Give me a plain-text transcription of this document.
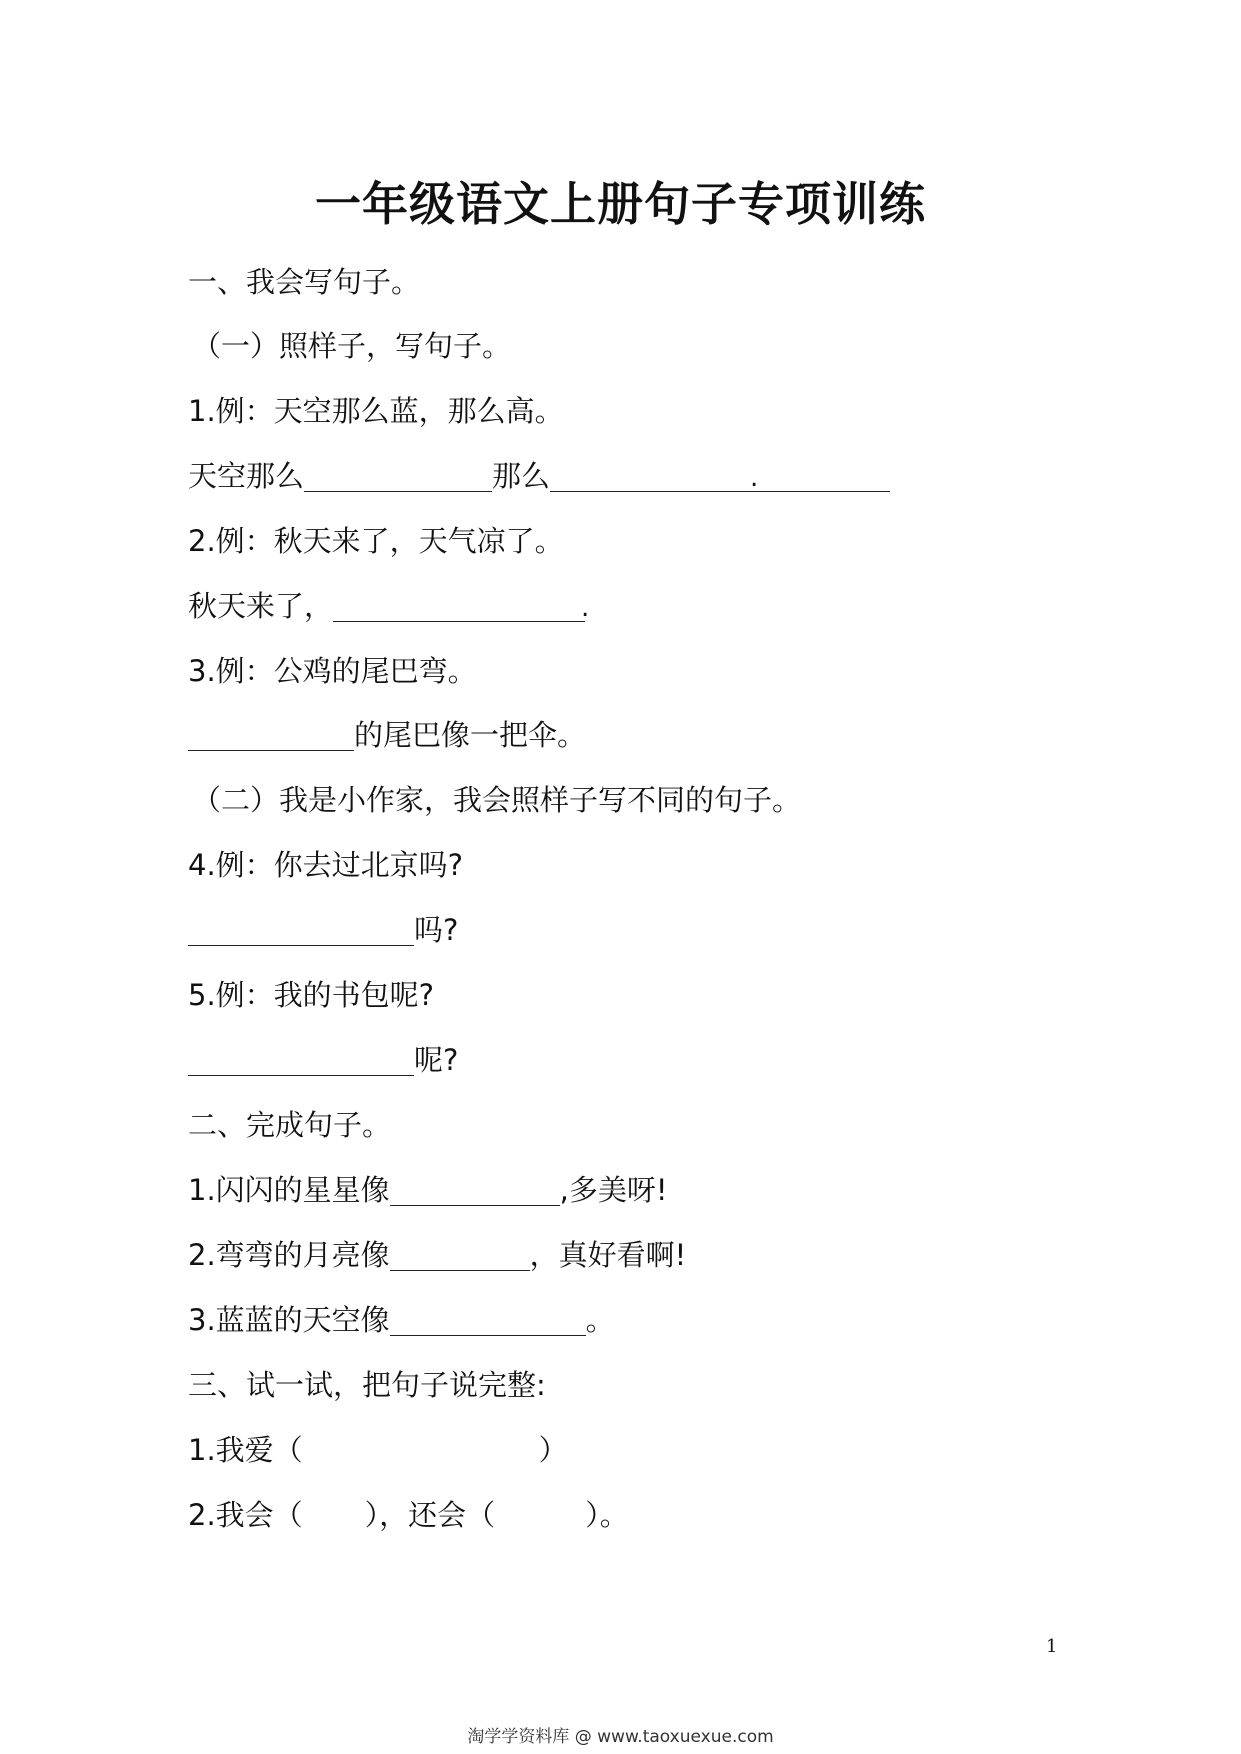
一年级语文上册句子专项训练
一、我会写句子。
（一）照样子，写句子。
1.例：天空那么蓝，那么高。
天空那么	那么	.
2.例：秋天来了，天气凉了。
秋天来了，	.
3.例：公鸡的尾巴弯。
的尾巴像一把伞。
（二）我是小作家，我会照样子写不同的句子。
4.例：你去过北京吗?
吗?
5.例：我的书包呢?
呢?
二、完成句子。
1.闪闪的星星像	,多美呀!
2.弯弯的月亮像	，真好看啊!
3.蓝蓝的天空像	。
三、试一试，把句子说完整:
1.我爱（	）
2.我会（ ），还会（	）。
1
淘学学资料库 @ www.taoxuexue.com
